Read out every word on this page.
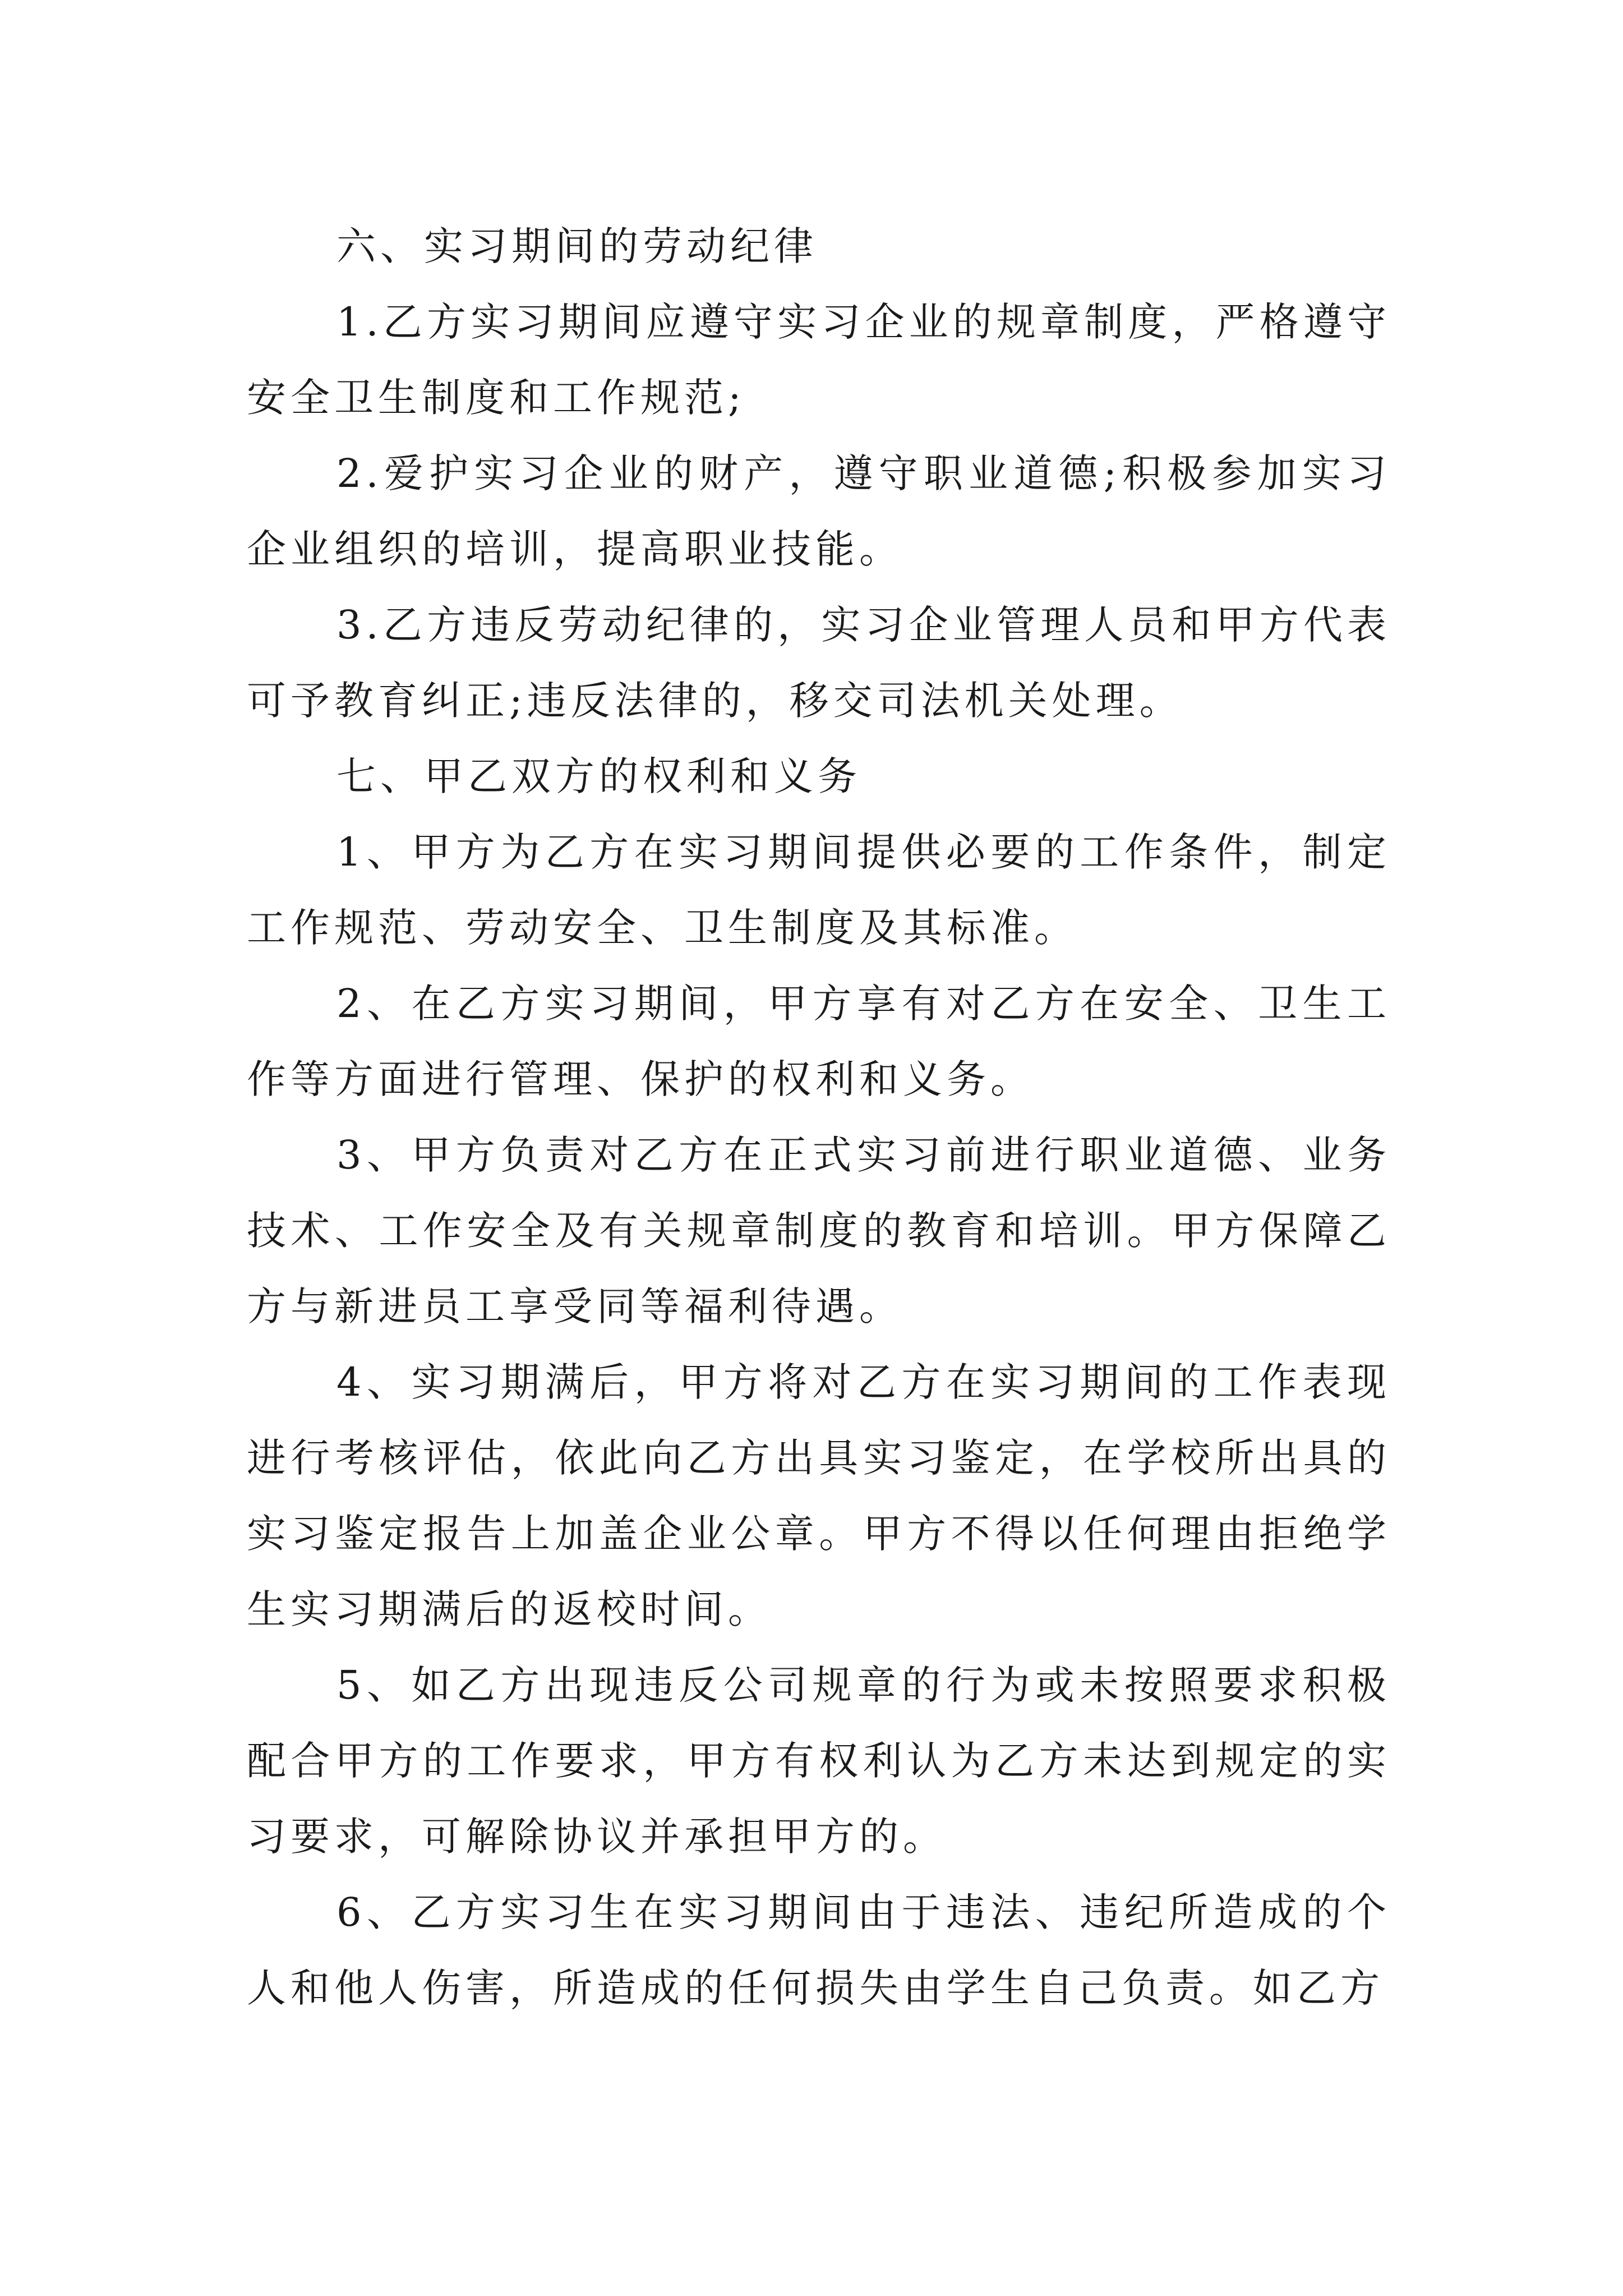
六、实习期间的劳动纪律

1.乙方实习期间应遵守实习企业的规章制度，严格遵守安全卫生制度和工作规范;

2.爱护实习企业的财产，遵守职业道德;积极参加实习企业组织的培训，提高职业技能。

3.乙方违反劳动纪律的，实习企业管理人员和甲方代表可予教育纠正;违反法律的，移交司法机关处理。

七、甲乙双方的权利和义务

1、甲方为乙方在实习期间提供必要的工作条件，制定工作规范、劳动安全、卫生制度及其标准。

2、在乙方实习期间，甲方享有对乙方在安全、卫生工作等方面进行管理、保护的权利和义务。

3、甲方负责对乙方在正式实习前进行职业道德、业务技术、工作安全及有关规章制度的教育和培训。甲方保障乙方与新进员工享受同等福利待遇。

4、实习期满后，甲方将对乙方在实习期间的工作表现进行考核评估，依此向乙方出具实习鉴定，在学校所出具的实习鉴定报告上加盖企业公章。甲方不得以任何理由拒绝学生实习期满后的返校时间。

5、如乙方出现违反公司规章的行为或未按照要求积极配合甲方的工作要求，甲方有权利认为乙方未达到规定的实习要求，可解除协议并承担甲方的。

6、乙方实习生在实习期间由于违法、违纪所造成的个人和他人伤害，所造成的任何损失由学生自己负责。如乙方
